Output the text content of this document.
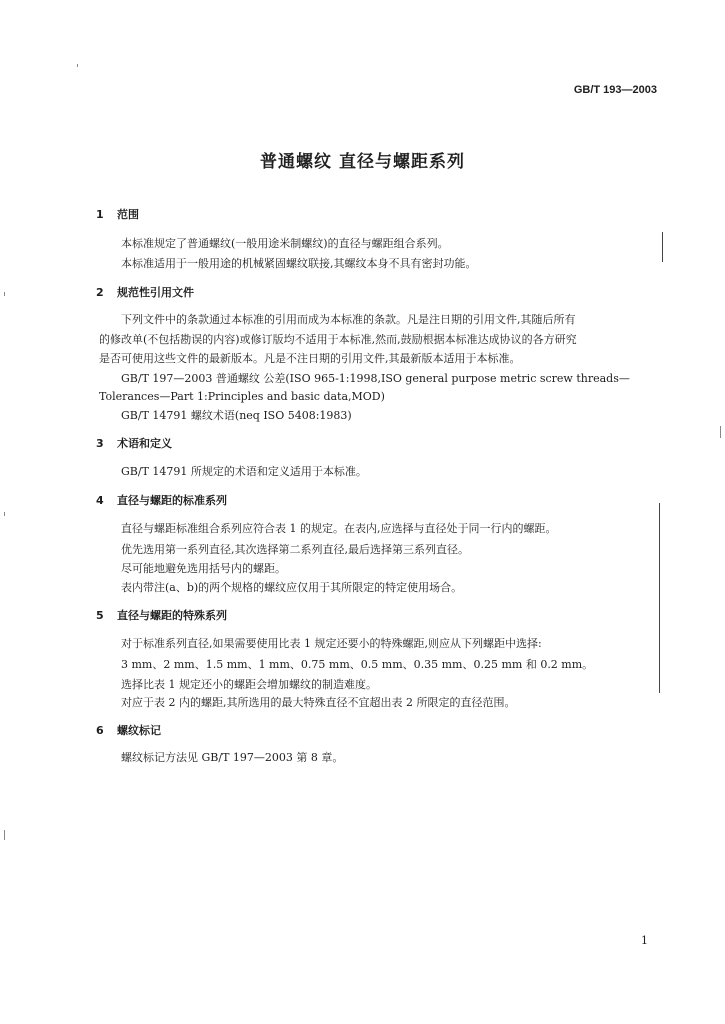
GB/T 193—2003
普通螺纹 直径与螺距系列
1 范围
本标准规定了普通螺纹(一般用途米制螺纹)的直径与螺距组合系列。
本标准适用于一般用途的机械紧固螺纹联接,其螺纹本身不具有密封功能。
2 规范性引用文件
下列文件中的条款通过本标准的引用而成为本标准的条款。凡是注日期的引用文件,其随后所有
的修改单(不包括勘误的内容)或修订版均不适用于本标准,然而,鼓励根据本标准达成协议的各方研究
是否可使用这些文件的最新版本。凡是不注日期的引用文件,其最新版本适用于本标准。
GB/T 197—2003 普通螺纹 公差(ISO 965-1:1998,ISO general purpose metric screw threads—
Tolerances—Part 1:Principles and basic data,MOD)
GB/T 14791 螺纹术语(neq ISO 5408:1983)
3 术语和定义
GB/T 14791 所规定的术语和定义适用于本标准。
4 直径与螺距的标准系列
直径与螺距标准组合系列应符合表 1 的规定。在表内,应选择与直径处于同一行内的螺距。
优先选用第一系列直径,其次选择第二系列直径,最后选择第三系列直径。
尽可能地避免选用括号内的螺距。
表内带注(a、b)的两个规格的螺纹应仅用于其所限定的特定使用场合。
5 直径与螺距的特殊系列
对于标准系列直径,如果需要使用比表 1 规定还要小的特殊螺距,则应从下列螺距中选择:
3 mm、2 mm、1.5 mm、1 mm、0.75 mm、0.5 mm、0.35 mm、0.25 mm 和 0.2 mm。
选择比表 1 规定还小的螺距会增加螺纹的制造难度。
对应于表 2 内的螺距,其所选用的最大特殊直径不宜超出表 2 所限定的直径范围。
6 螺纹标记
螺纹标记方法见 GB/T 197—2003 第 8 章。
1
